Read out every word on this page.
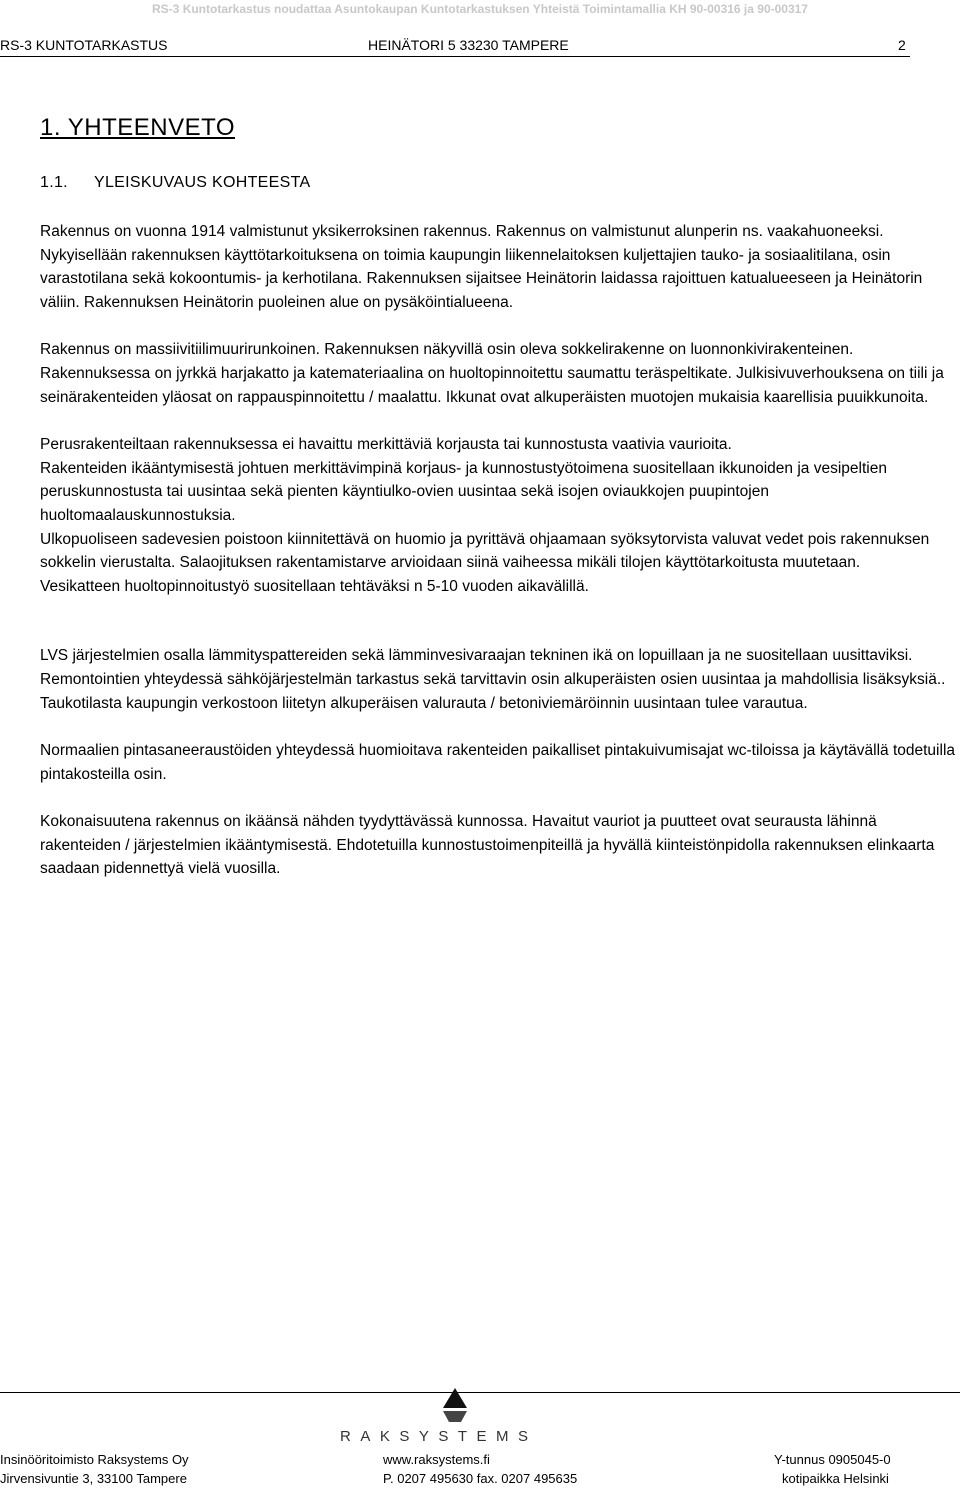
RS-3 Kuntotarkastus noudattaa Asuntokaupan Kuntotarkastuksen Yhteistä Toimintamallia KH 90-00316 ja 90-00317
RS-3 KUNTOTARKASTUS	HEINÄTORI 5 33230 TAMPERE	2
1. YHTEENVETO
1.1. YLEISKUVAUS KOHTEESTA

Rakennus on vuonna 1914 valmistunut yksikerroksinen rakennus. Rakennus on valmistunut alunperin ns. vaakahuoneeksi. Nykyisellään rakennuksen käyttötarkoituksena on toimia kaupungin liikennelaitoksen kuljettajien tauko- ja sosiaalitilana, osin varastotilana sekä kokoontumis- ja kerhotilana. Rakennuksen sijaitsee Heinätorin laidassa rajoittuen katualueeseen ja Heinätorin väliin. Rakennuksen Heinätorin puoleinen alue on pysäköintialueena.

Rakennus on massiivitiilimuurirunkoinen. Rakennuksen näkyvillä osin oleva sokkelirakenne on luonnonkivirakenteinen. Rakennuksessa on jyrkkä harjakatto ja katemateriaalina on huoltopinnoitettu saumattu teräspeltikate. Julkisivuverhouksena on tiili ja seinärakenteiden yläosat on rappauspinnoitettu / maalattu. Ikkunat ovat alkuperäisten muotojen mukaisia kaarellisia puuikkunoita.

Perusrakenteiltaan rakennuksessa ei havaittu merkittäviä korjausta tai kunnostusta vaativia vaurioita.

Rakenteiden ikääntymisestä johtuen merkittävimpinä korjaus- ja kunnostustyötoimena suositellaan ikkunoiden ja vesipeltien peruskunnostusta tai uusintaa sekä pienten käyntiulko-ovien uusintaa sekä isojen oviaukkojen puupintojen huoltomaalauskunnostuksia.

Ulkopuoliseen sadevesien poistoon kiinnitettävä on huomio ja pyrittävä ohjaamaan syöksytorvista valuvat vedet pois rakennuksen sokkelin vierustalta. Salaojituksen rakentamistarve arvioidaan siinä vaiheessa mikäli tilojen käyttötarkoitusta muutetaan.

Vesikatteen huoltopinnoitustyö suositellaan tehtäväksi n 5-10 vuoden aikavälillä.

LVS järjestelmien osalla lämmityspattereiden sekä lämminvesivaraajan tekninen ikä on lopuillaan ja ne suositellaan uusittaviksi. Remontointien yhteydessä sähköjärjestelmän tarkastus sekä tarvittavin osin alkuperäisten osien uusintaa ja mahdollisia lisäksyksiä.. Taukotilasta kaupungin verkostoon liitetyn alkuperäisen valurauta / betoniviemäröinnin uusintaan tulee varautua.

Normaalien pintasaneeraustöiden yhteydessä huomioitava rakenteiden paikalliset pintakuivumisajat wc-tiloissa ja käytävällä todetuilla pintakosteilla osin.

Kokonaisuutena rakennus on ikäänsä nähden tyydyttävässä kunnossa. Havaitut vauriot ja puutteet ovat seurausta lähinnä rakenteiden / järjestelmien ikääntymisestä. Ehdotetuilla kunnostustoimenpiteillä ja hyvällä kiinteistönpidolla rakennuksen elinkaarta saadaan pidennettyä vielä vuosilla.

RAKSYSTEMS
Insinööritoimisto Raksystems Oy	www.raksystems.fi	Y-tunnus 0905045-0
Jirvensivuntie 3, 33100 Tampere	P. 0207 495630 fax. 0207 495635	kotipaikka Helsinki
